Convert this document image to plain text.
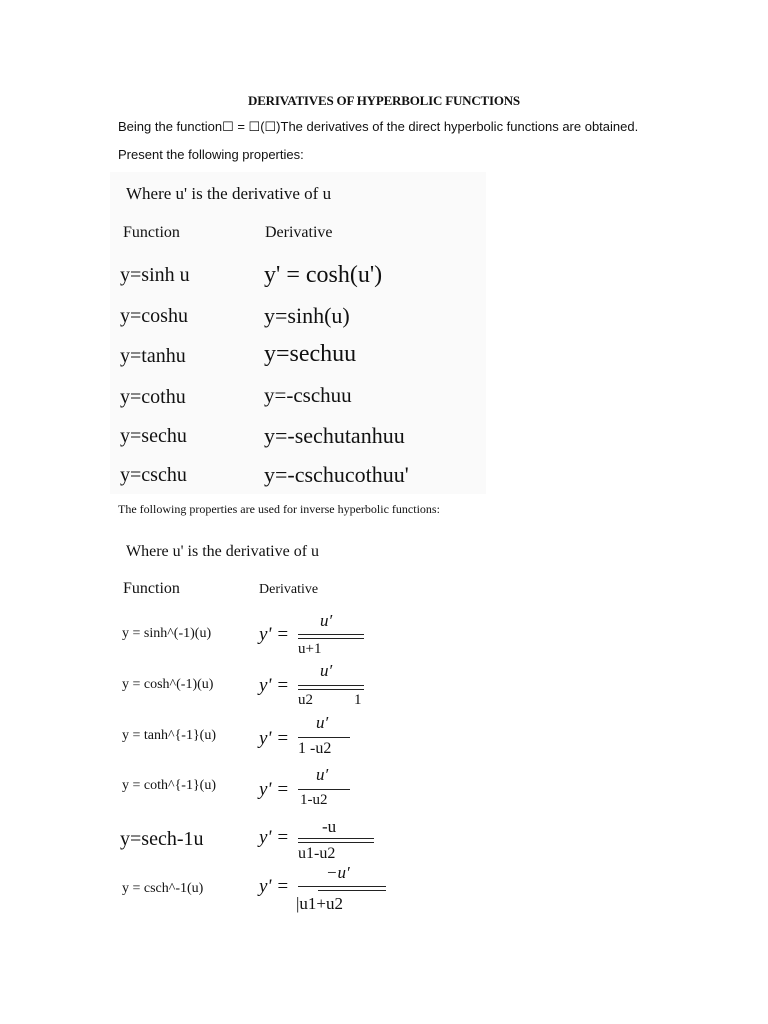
DERIVATIVES OF HYPERBOLIC FUNCTIONS
Being the function☐ = ☐(☐)The derivatives of the direct hyperbolic functions are obtained.
Present the following properties:
Where u' is the derivative of u
Function	Derivative
y=sinh u	y' = cosh(u')
y=coshu	y=sinh(u)
y=tanhu	y=sechuu
y=cothu	y=-cschuu
y=sechu	y=-sechutanhuu
y=cschu	y=-cschucothuu'
The following properties are used for inverse hyperbolic functions:
Where u' is the derivative of u
Function	Derivative
y = sinh^(-1)(u)	y' =
u′
u+1
y = cosh^(-1)(u) y' =
u′
u2	1
y = tanh^{-1}(u) y' =
u′
1 -u2
y = coth^{-1}(u) y' =
u′
1-u2
y=sech-1u	y' =
-u
u1-u2
y = csch^-1(u)	y' =
−u′
|u1+u2
